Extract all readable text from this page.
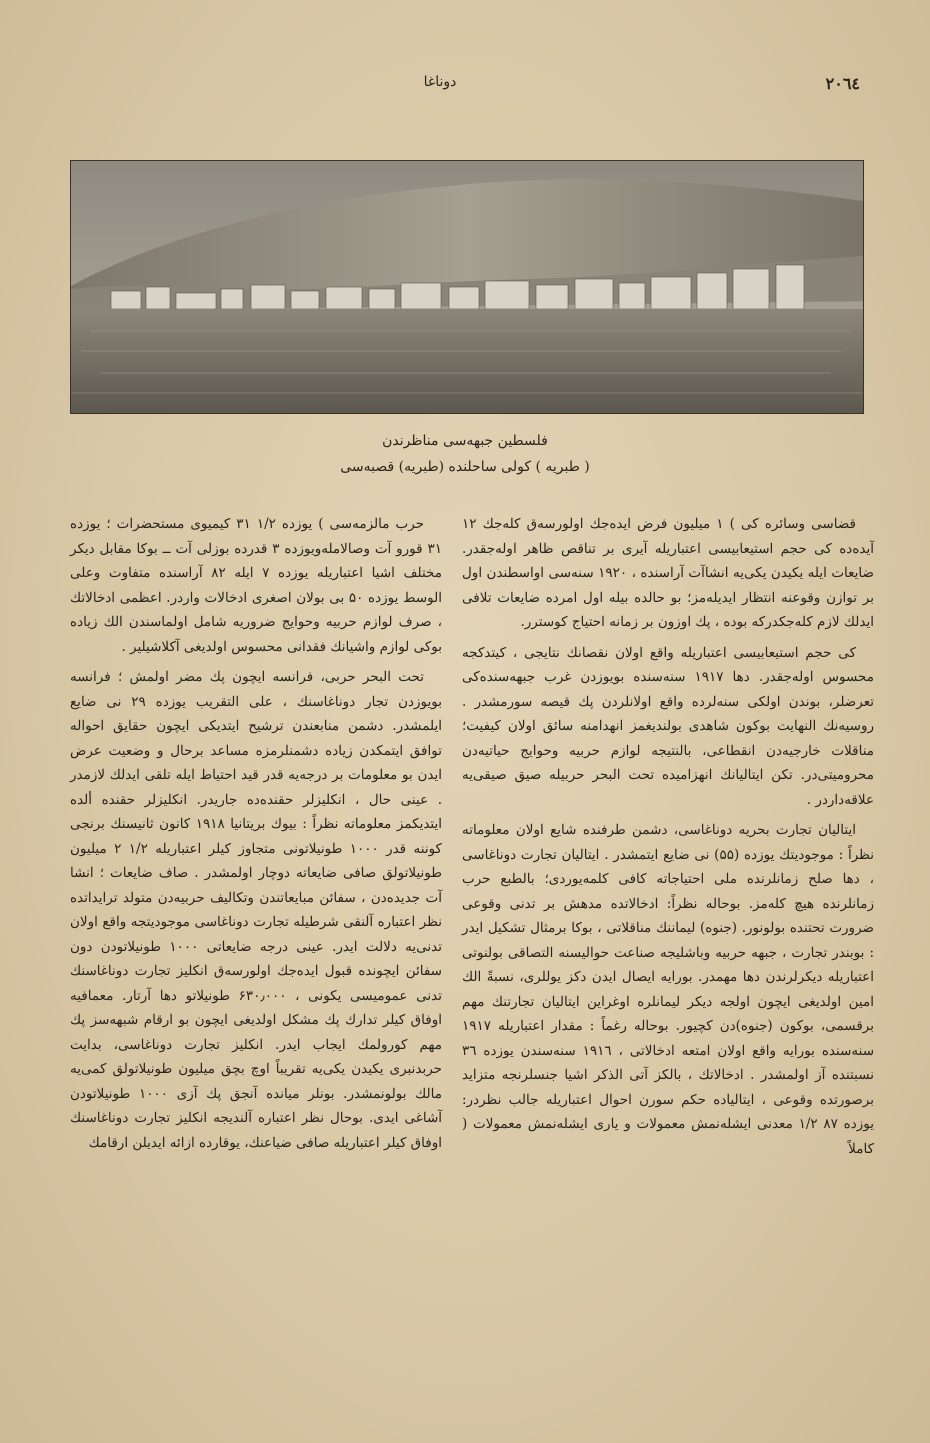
دوناغا	۲۰٦٤
فلسطين جبهه‌سى مناظرندن
( طبريه ) كولى ساحلنده (طبريه) قصبه‌سى

قضاسى وسائره كى ) ۱ ميليون فرض ايده‌جك اولورسه‌ق كله‌جك ۱۲ آيده‌ده كى حجم استيعابيسى اعتباريله آيرى بر تناقص ظاهر اوله‌جقدر. ضايعات ايله يكيدن يكى‌يه انشاآت آراسنده ، ۱۹۲۰ سنه‌سى اواسطندن اول بر توازن وقوعنه انتظار ايديله‌مز؛ بو حالده بيله اول امرده ضايعات تلافى ايدلك لازم كله‌جكدركه بوده ، پك اوزون بر زمانه احتياج كوسترر.

كى حجم استيعابيسى اعتباريله واقع اولان نقصانك نتايجى ، كيتدكجه محسوس اوله‌جقدر. دها ۱۹۱۷ سنه‌سنده بويوزدن غرب جبهه‌سنده‌كى تعرضلر، بوندن اولكى سنه‌لرده واقع اولانلردن پك قيصه سورمشدر . روسيه‌نك النهايت بوكون شاهدى بولنديغمز انهدامنه سائق اولان كيفيت؛ مناقلات خارجيه‌دن انقطاعى، بالنتيجه لوازم حربيه وحوايج حياتيه‌دن محروميتى‌در. تكن ايتاليانك انهزاميده تحت البحر حربيله صيق صيقى‌يه علاقه‌داردر .

ايتاليان تجارت بحريه دوناغاسى، دشمن طرفنده شايع اولان معلوماته نظراً : موجوديتك يوزده (۵۵) نى ضايع ايتمشدر . ايتاليان تجارت دوناغاسى ، دها صلح زمانلرنده ملى احتياجاته كافى كلمه‌يوردى؛ بالطبع حرب زمانلرنده هيچ كله‌مز. بوحاله نظراً: ادخالاتده مدهش بر تدنى وقوعى ضرورت تحتنده بولونور. (جنوه) ليماننك مناقلاتى ، بوكا برمثال تشكيل ايدر : بوبندر تجارت ، جبهه حربيه وباشليجه صناعت حواليسنه التصاقى بولنوتى اعتباريله ديكرلرندن دها مهمدر. بورايه ايصال ايدن دكز يوللرى، نسبةً الك امين اولديغى ايچون اولجه ديكر ليمانلره اوغراين ايتاليان تجارتنك مهم برقسمى، بوكون (جنوه)دن كچيور. بوحاله رغماً : مقدار اعتباريله ۱۹۱۷ سنه‌سنده بورايه واقع اولان امتعه ادخالاتى ، ۱۹۱٦ سنه‌سندن يوزده ۳٦ نسبتنده آز اولمشدر . ادخالاتك ، بالكز آتى الذكر اشيا جنسلرنجه متزايد برصورتده وقوعى ، ايتالياده حكم سورن احوال اعتباريله جالب نظردر: يوزده ۸۷ ۱/۲ معدنى ايشله‌نمش معمولات و يارى ايشله‌نمش معمولات ( كاملاً

حرب مالزمه‌سى ) يوزده ۱/۲ ۳۱ كيميوى مستحضرات ؛ يوزده ۳۱ قورو آت وصالامله‌ويوزده ۳ قدرده بوزلى آت ــ بوكا مقابل ديكر مختلف اشيا اعتباريله يوزده ۷ ايله ۸۲ آراسنده متفاوت وعلى الوسط يوزده ۵۰ بى بولان اصغرى ادخالات واردر. اعظمى ادخالاتك ، صرف لوازم حربيه وحوايج ضروريه شامل اولماسندن الك زياده بوكى لوازم واشيانك فقدانى محسوس اولديغى آكلاشيلير .

تحت البحر حربى، فرانسه ايچون پك مضر اولمش ؛ فرانسه بويوزدن تجار دوناغاسنك ، على التقريب يوزده ۲۹ نى ضايع ايلمشدر. دشمن منابعندن ترشيح ايتديكى ايچون حقايق احواله توافق ايتمكدن زياده دشمنلرمزه مساعد برحال و وضعيت عرض ايدن بو معلومات بر درجه‌يه قدر قيد احتياط ايله تلقى ايدلك لازمدر . عينى حال ، انكليزلر حقنده‌ده جاريدر. انكليزلر حقنده ألده ايتديكمز معلوماته نظراً : بيوك بريتانيا ۱۹۱۸ كانون ثانيسنك برنجى كوننه قدر ۱۰۰۰ طونيلاتونى متجاوز كيلر اعتباريله ۱/۲ ۲ ميليون طونيلاتولق صافى ضايعاته دوچار اولمشدر . صاف ضايعات ؛ انشا آت جديده‌دن ، سفائن مبايعاتندن وتكاليف حربيه‌دن متولد ترايداتده نظر اعتباره آلنقى شرطيله تجارت دوناغاسى موجوديتجه واقع اولان تدنى‌يه دلالت ايدر. عينى درجه ضايعاتى ۱۰۰۰ طونيلاتودن دون سفائن ايچونده قبول ايده‌جك اولورسه‌ق انكليز تجارت دوناغاسنك تدنى عموميسى يكونى ، ۶۳۰٫۰۰۰ طونيلاتو دها آرتار. معمافيه اوفاق كيلر تدارك پك مشكل اولديغى ايچون بو ارقام شبهه‌سز پك مهم كورولمك ايجاب ايدر. انكليز تجارت دوناغاسى، بدايت حربدنبرى يكيدن يكى‌يه تقريباً اوچ بچق ميليون طونيلاتولق كمى‌يه مالك بولونمشدر. بونلر ميانده آنجق پك آزى ۱۰۰۰ طونيلاتودن آشاغى ايدى. بوحال نظر اعتباره آلنديجه انكليز تجارت دوناغاسنك اوفاق كيلر اعتباريله صافى ضياعنك، يوقارده ازائه ايديلن ارقامك
